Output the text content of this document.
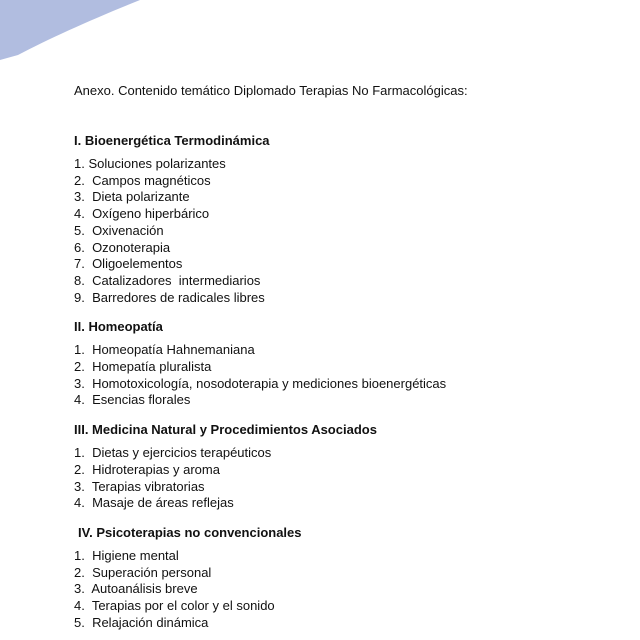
Anexo. Contenido temático Diplomado Terapias No Farmacológicas:

I. Bioenergética Termodinámica

1. Soluciones polarizantes
2.  Campos magnéticos
3.  Dieta polarizante
4.  Oxígeno hiperbárico
5.  Oxivenación
6.  Ozonoterapia
7.  Oligoelementos
8.  Catalizadores  intermediarios
9.  Barredores de radicales libres

II. Homeopatía

1.  Homeopatía Hahnemaniana
2.  Homepatía pluralista
3.  Homotoxicología, nosodoterapia y mediciones bioenergéticas
4.  Esencias florales

III. Medicina Natural y Procedimientos Asociados

1.  Dietas y ejercicios terapéuticos
2.  Hidroterapias y aroma
3.  Terapias vibratorias
4.  Masaje de áreas reflejas

IV. Psicoterapias no convencionales

1.  Higiene mental
2.  Superación personal
3.  Autoanálisis breve
4.  Terapias por el color y el sonido
5.  Relajación dinámica
